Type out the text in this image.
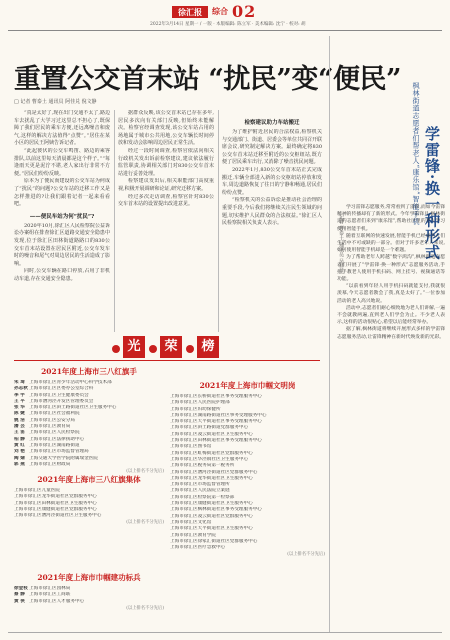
徐汇报	综合 02
2022年3月14日 星期一 / 一版 · 本版编辑: 陈立军 · 美术编辑: 沈宁 · 校对: 胡
重置公交首末站 “扰民”变“便民”
□ 记者 曹泰土 通讯员 阿佳兑 倪文静
“真是太好了,现在出门交通不太了,路边车去扰乱了大学习过这里总不担心了,既保障了我们居民的乘车方便,还远离噪音和废气,这样的解决方法值得“点赞”。”居住在某小区的居民王阿姨告诉记者。
“此起彼伏的公交车鸣笛、路边的乘客排队,以前这里每天清晨都是这个样子。”“每逢雨天更是泥泞不堪,老人家出行非常不方便。”居民们纷纷反映。
原本为了便民而建设的公交车站为何成了“扰民”的问题?公交车站的迁移工作又是怎样推进的?让我们跟着记者一起来看看吧。
——便民车站为何“扰民”?
2020年10月,徐汇区人民检察院公益诉讼办案组在排查徐汇区道路交通安全隐患中发现,位于徐汇区田林街道路路口的830公交车首末站设置在居民区附近,公交车发车时的噪音和尾气对周边居民的生活造成了影响。
同时,公交车辆在路口停放,占用了非机动车道,存在交通安全隐患。
据群众反映,该公交首末站已存在多年,居民多次向有关部门反映,但始终未能解决。检察官经调查发现,该公交车站占用的场地属于城市公共用地,公交车辆长时间停放和发动会影响周边居民正常生活。
经过一段时间调查,检察官依法向相关行政机关发出诉前检察建议,建议依法履行监管职责,协调相关部门对830公交车首末站进行妥善处理。
检察建议发出后,相关职能部门高度重视,积极开展调研和论证,研究迁移方案。
经过多次走访调查,检察官针对830公交车首末站的设置提出改进意见。
检察建议助力车站搬迁
为了维护附近居民的合法权益,检察机关与交通部门、街道、居委会等单位共同召开联席会议,研究制定解决方案。最终确定将830公交车首末站迁移至附近的公交枢纽站,既方便了居民乘车出行,又消除了噪音扰民问题。
2022年1月,830公交车首末站正式完成搬迁,车辆全部进入新的公交枢纽站停放和发车,周边道路恢复了往日的宁静和畅通,居民们纷纷点赞。
“检察机关的公益诉讼是推动社会治理的重要手段,今后我们将继续关注民生领域的问题,切实维护人民群众的合法权益。”徐汇区人民检察院相关负责人表示。	学雷锋·换一种形式
枫林街道志愿者们帮老人“康乐馆”智能手机
记者 曹泰土 通讯员 吴佳兑
学习雷锋志愿服务,常常看到了雷锋,而如今雷锋精神的传播却有了新的形式。今年学雷锋月,枫林街道的志愿者们来到“康乐馆”,帮助社区里的老人学习使用智能手机。
随着互联网的快速发展,智能手机已经成为人们生活中不可或缺的一部分。但对于许多老年人来说,如何使用智能手机却是一个难题。
为了帮助老年人跨越“数字鸿沟”,枫林街道志愿者们开展了“学雷锋·换一种形式”志愿服务活动,手把手教老人使用手机扫码、网上挂号、视频通话等功能。
“以前看到年轻人用手机扫码就能支付,我就很羡慕,今天志愿者教会了我,真是太好了。”一位参加活动的老人高兴地说。
活动中,志愿者们耐心细致地为老人们讲解,一遍不会就教两遍,直到老人们学会为止。不少老人表示,这样的活动很贴心,希望以后能经常举办。
据了解,枫林街道将继续开展形式多样的学雷锋志愿服务活动,让雷锋精神在新时代焕发新的光彩。
光	荣	榜
2021年度上海市三八红旗手
朱 琦 上海市徐汇区青少年活动中心科学技术部
孙志秋上海市徐汇区区委办公室综合科
李 宇 上海市徐汇区卫生健康委员会
王 平 上海市漕河泾开发区管理委员会
张 华 上海市徐汇区斜土路街道社区卫生服务中心
陈 婕 上海市徐汇区社会福利院
姚 洁 上海市徐汇区公安分局
潘 芸 上海市徐汇区教育局
王 笛 上海市徐汇区人民检察院
柏 静 上海市徐汇区法律援助中心
黄 红 上海市徐汇区湖南路街道
刘 艳 上海市徐汇区市场监督管理局
陶 婧 上海交通大学医学院附属瑞金医院
郭 燕 上海市徐汇区财政局
(以上排名不分先后)
2021年度上海市三八红旗集体
上海市徐汇区儿童医院
上海市徐汇区龙华街道社区党群服务中心
上海市徐汇区田林街道社区卫生服务中心
上海市徐汇区康健街道社区党群服务中心
上海市徐汇区漕河泾街道社区卫生服务中心
(以上排名不分先后)
2021年度上海市巾帼建功标兵
徐金枝上海市徐汇区园林局
蔡 静 上海市徐汇区工商联
黄 侠 上海市徐汇区人才服务中心
(以上排名不分先后)
2021年度上海市巾帼文明岗
上海市徐汇区长桥街道社区事务受理服务中心
上海市徐汇区人民医院护理部
上海市徐汇区妇幼保健所
上海市徐汇区湖南路街道社区事务受理服务中心
上海市徐汇区天平街道社区事务受理服务中心
上海市徐汇区斜土路街道党群服务中心
上海市徐汇区凌云街道社区卫生服务中心
上海市徐汇区田林街道社区事务受理服务中心
上海市徐汇区图书馆
上海市徐汇区虹梅街道社区党群服务中心
上海市徐汇区华泾镇社区卫生服务中心
上海市徐汇区税务局第一税务所
上海市徐汇区漕河泾街道社区党群服务中心
上海市徐汇区龙华街道社区卫生服务中心
上海市徐汇区市场监督管理所
上海市徐汇区人民法院立案庭
上海市徐汇区检察院第一检察部
上海市徐汇区康健街道社区卫生服务中心
上海市徐汇区枫林街道社区事务受理服务中心
上海市徐汇区凌云街道社区党群服务中心
上海市徐汇区文化馆
上海市徐汇区天平街道社区卫生服务中心
上海市徐汇区教育学院
上海市徐汇区徐家汇街道社区党群服务中心
上海市徐汇区医疗急救中心
(以上排名不分先后)
